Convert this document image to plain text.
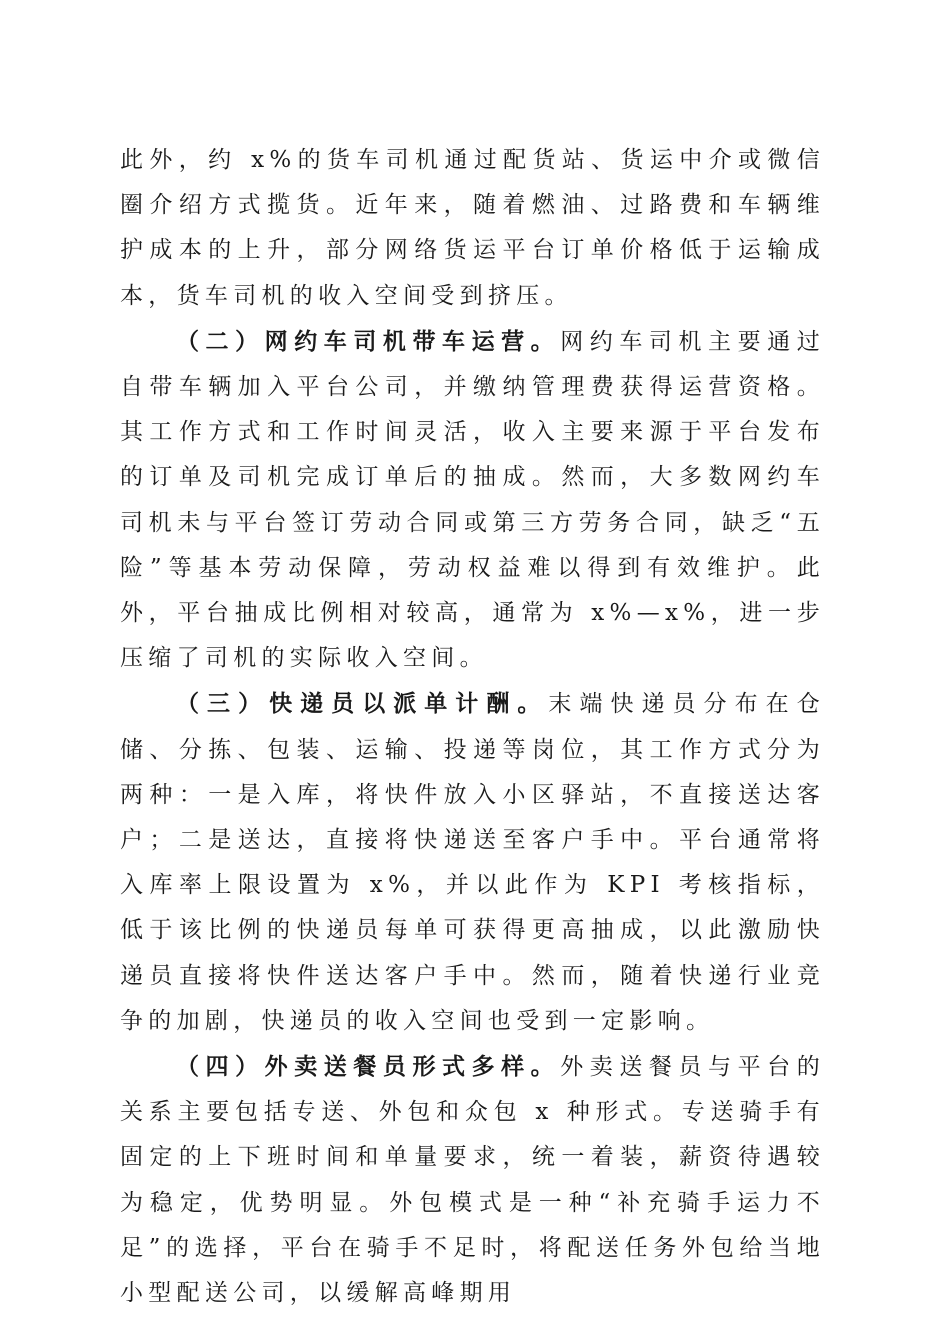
此外，约 x%的货车司机通过配货站、货运中介或微信圈介绍方式揽货。近年来，随着燃油、过路费和车辆维护成本的上升，部分网络货运平台订单价格低于运输成本，货车司机的收入空间受到挤压。

（二）网约车司机带车运营。网约车司机主要通过自带车辆加入平台公司，并缴纳管理费获得运营资格。其工作方式和工作时间灵活，收入主要来源于平台发布的订单及司机完成订单后的抽成。然而，大多数网约车司机未与平台签订劳动合同或第三方劳务合同，缺乏“五险”等基本劳动保障，劳动权益难以得到有效维护。此外，平台抽成比例相对较高，通常为 x%—x%，进一步压缩了司机的实际收入空间。

（三）快递员以派单计酬。末端快递员分布在仓储、分拣、包装、运输、投递等岗位，其工作方式分为两种：一是入库，将快件放入小区驿站，不直接送达客户；二是送达，直接将快递送至客户手中。平台通常将入库率上限设置为 x%，并以此作为 KPI 考核指标，低于该比例的快递员每单可获得更高抽成，以此激励快递员直接将快件送达客户手中。然而，随着快递行业竞争的加剧，快递员的收入空间也受到一定影响。

（四）外卖送餐员形式多样。外卖送餐员与平台的关系主要包括专送、外包和众包 x 种形式。专送骑手有固定的上下班时间和单量要求，统一着装，薪资待遇较为稳定，优势明显。外包模式是一种“补充骑手运力不足”的选择，平台在骑手不足时，将配送任务外包给当地小型配送公司，以缓解高峰期用
